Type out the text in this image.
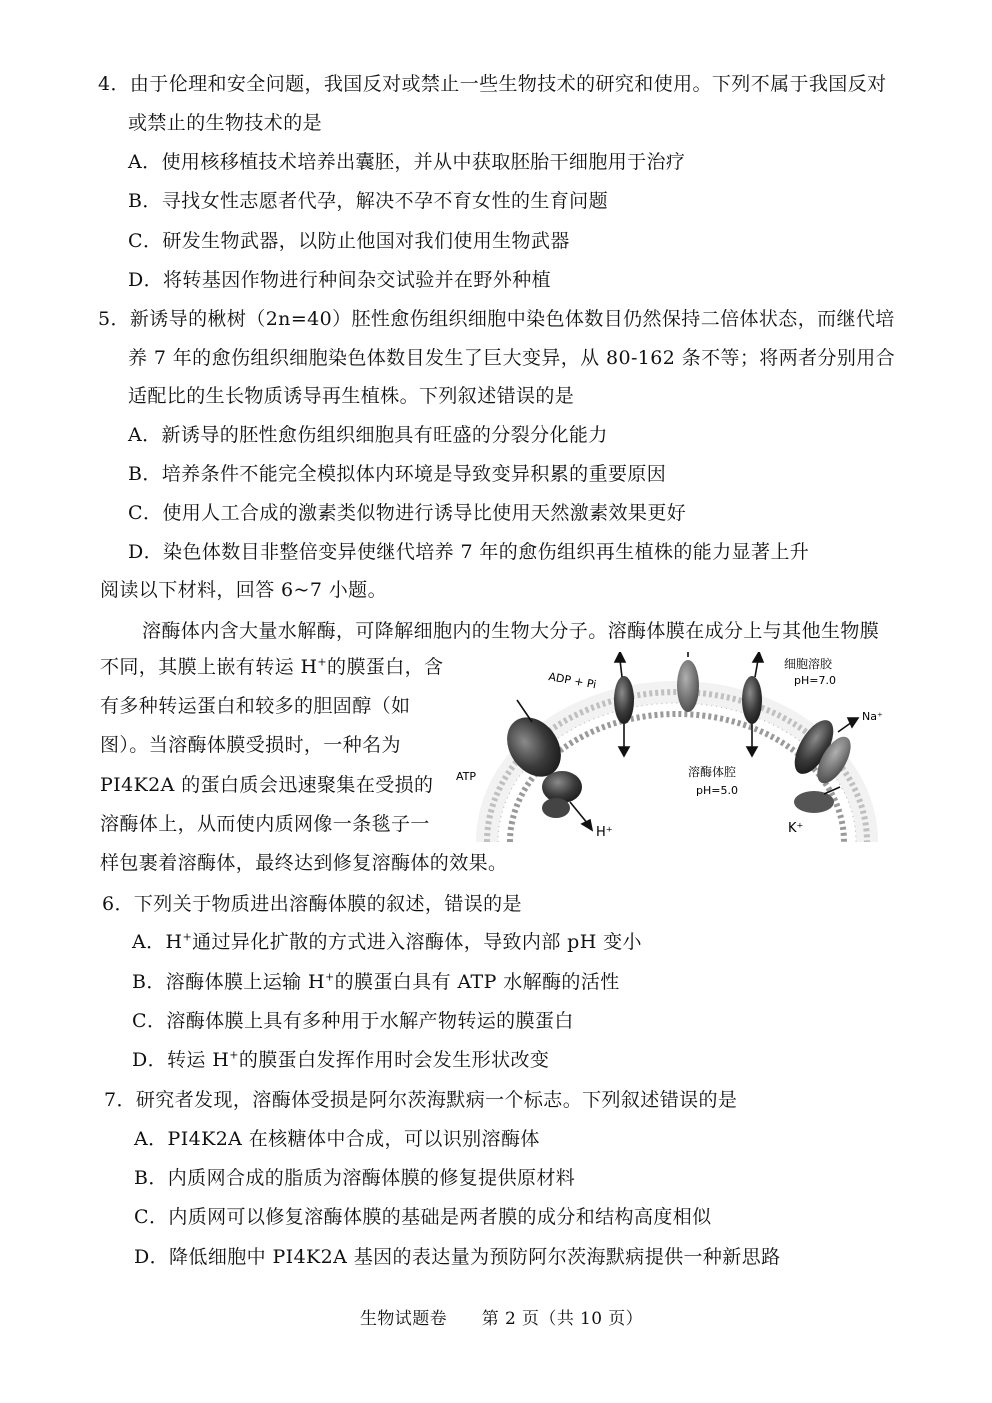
4．由于伦理和安全问题，我国反对或禁止一些生物技术的研究和使用。下列不属于我国反对
或禁止的生物技术的是
A．使用核移植技术培养出囊胚，并从中获取胚胎干细胞用于治疗
B．寻找女性志愿者代孕，解决不孕不育女性的生育问题
C．研发生物武器，以防止他国对我们使用生物武器
D．将转基因作物进行种间杂交试验并在野外种植
5．新诱导的楸树（2n=40）胚性愈伤组织细胞中染色体数目仍然保持二倍体状态，而继代培
养 7 年的愈伤组织细胞染色体数目发生了巨大变异，从 80-162 条不等；将两者分别用合
适配比的生长物质诱导再生植株。下列叙述错误的是
A．新诱导的胚性愈伤组织细胞具有旺盛的分裂分化能力
B．培养条件不能完全模拟体内环境是导致变异积累的重要原因
C．使用人工合成的激素类似物进行诱导比使用天然激素效果更好
D．染色体数目非整倍变异使继代培养 7 年的愈伤组织再生植株的能力显著上升
阅读以下材料，回答 6~7 小题。
溶酶体内含大量水解酶，可降解细胞内的生物大分子。溶酶体膜在成分上与其他生物膜
不同，其膜上嵌有转运 H+的膜蛋白，含
有多种转运蛋白和较多的胆固醇（如
图）。当溶酶体膜受损时，一种名为
PI4K2A 的蛋白质会迅速聚集在受损的
溶酶体上，从而使内质网像一条毯子一
样包裹着溶酶体，最终达到修复溶酶体的效果。
ADP + Pi
ATP
H⁺
Na⁺
K⁺
细胞溶胶
pH=7.0
溶酶体腔
pH=5.0
6．下列关于物质进出溶酶体膜的叙述，错误的是
A．H+通过异化扩散的方式进入溶酶体，导致内部 pH 变小
B．溶酶体膜上运输 H+的膜蛋白具有 ATP 水解酶的活性
C．溶酶体膜上具有多种用于水解产物转运的膜蛋白
D．转运 H+的膜蛋白发挥作用时会发生形状改变
7．研究者发现，溶酶体受损是阿尔茨海默病一个标志。下列叙述错误的是
A．PI4K2A 在核糖体中合成，可以识别溶酶体
B．内质网合成的脂质为溶酶体膜的修复提供原材料
C．内质网可以修复溶酶体膜的基础是两者膜的成分和结构高度相似
D．降低细胞中 PI4K2A 基因的表达量为预防阿尔茨海默病提供一种新思路
生物试题卷　　第 2 页（共 10 页）
